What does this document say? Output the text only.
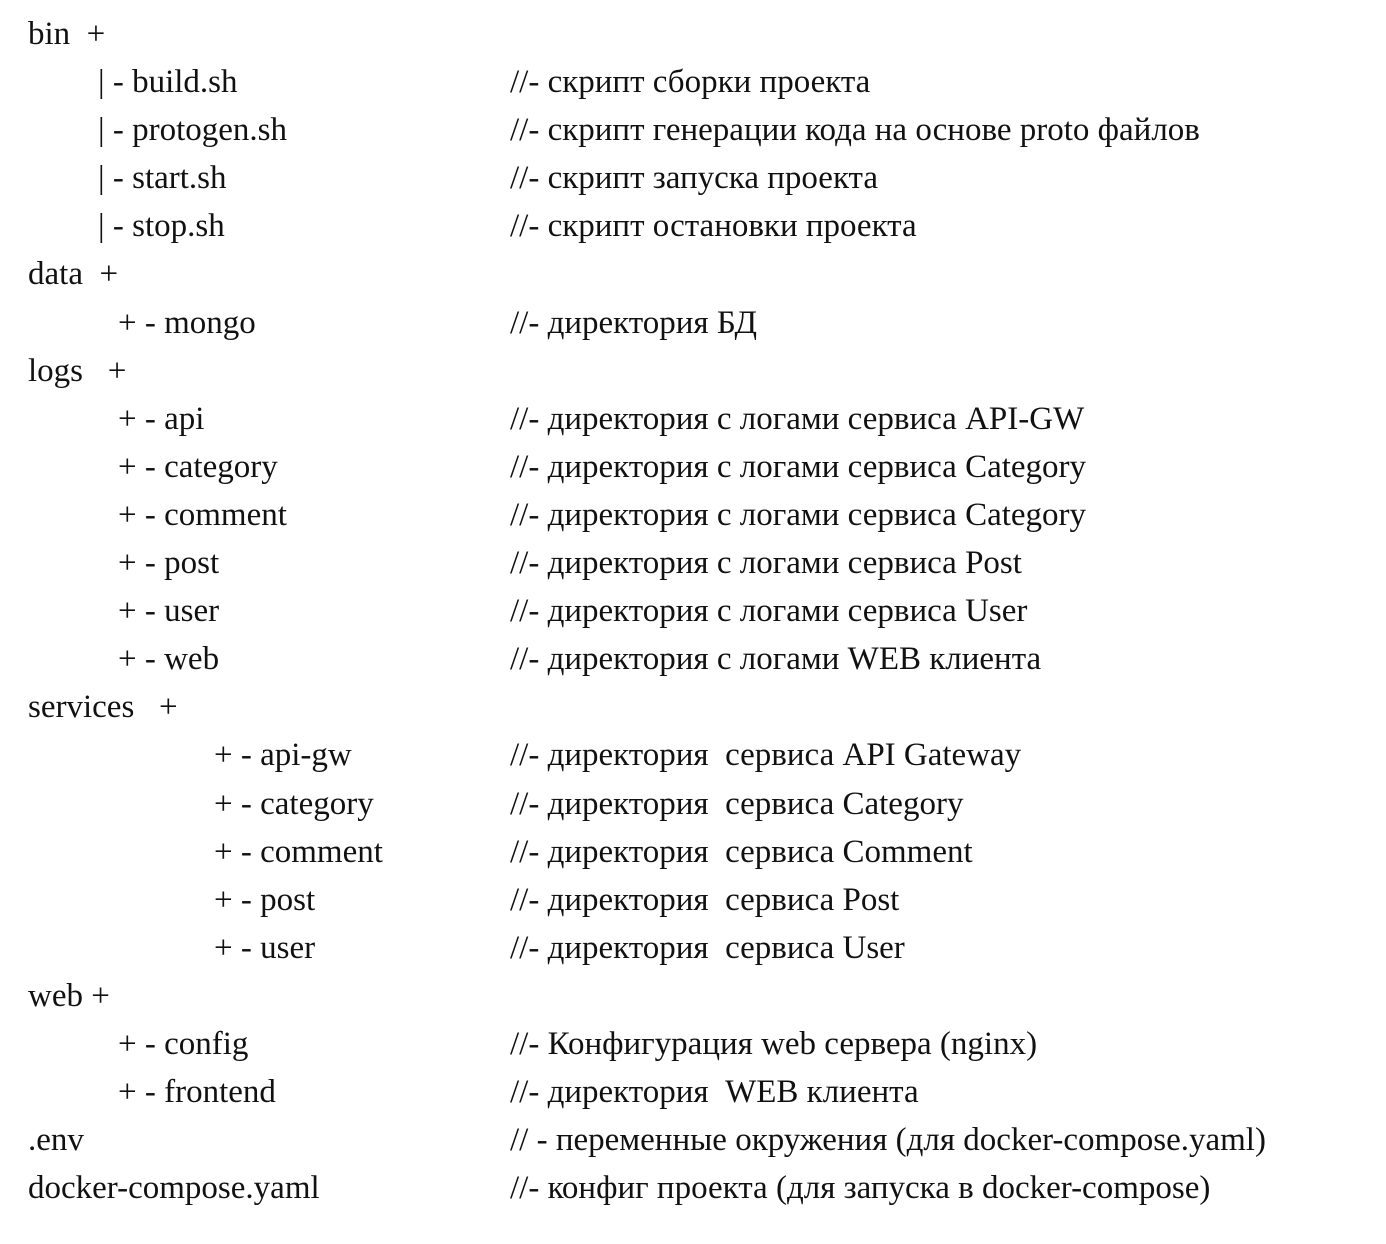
bin  +
| - build.sh	//- скрипт сборки проекта
| - protogen.sh	//- скрипт генерации кода на основе proto файлов
| - start.sh	//- скрипт запуска проекта
| - stop.sh	//- скрипт остановки проекта
data  +
+ - mongo	//- директория БД
logs   +
+ - api	//- директория с логами сервиса API-GW
+ - category	//- директория с логами сервиса Category
+ - comment	//- директория с логами сервиса Category
+ - post	//- директория с логами сервиса Post
+ - user	//- директория с логами сервиса User
+ - web	//- директория с логами WEB клиента
services   +
+ - api-gw	//- директория  сервиса API Gateway
+ - category	//- директория  сервиса Category
+ - comment	//- директория  сервиса Comment
+ - post	//- директория  сервиса Post
+ - user	//- директория  сервиса User
web +
+ - config	//- Конфигурация web сервера (nginx)
+ - frontend	//- директория  WEB клиента
.env	// - переменные окружения (для docker-compose.yaml)
docker-compose.yaml	//- конфиг проекта (для запуска в docker-compose)
